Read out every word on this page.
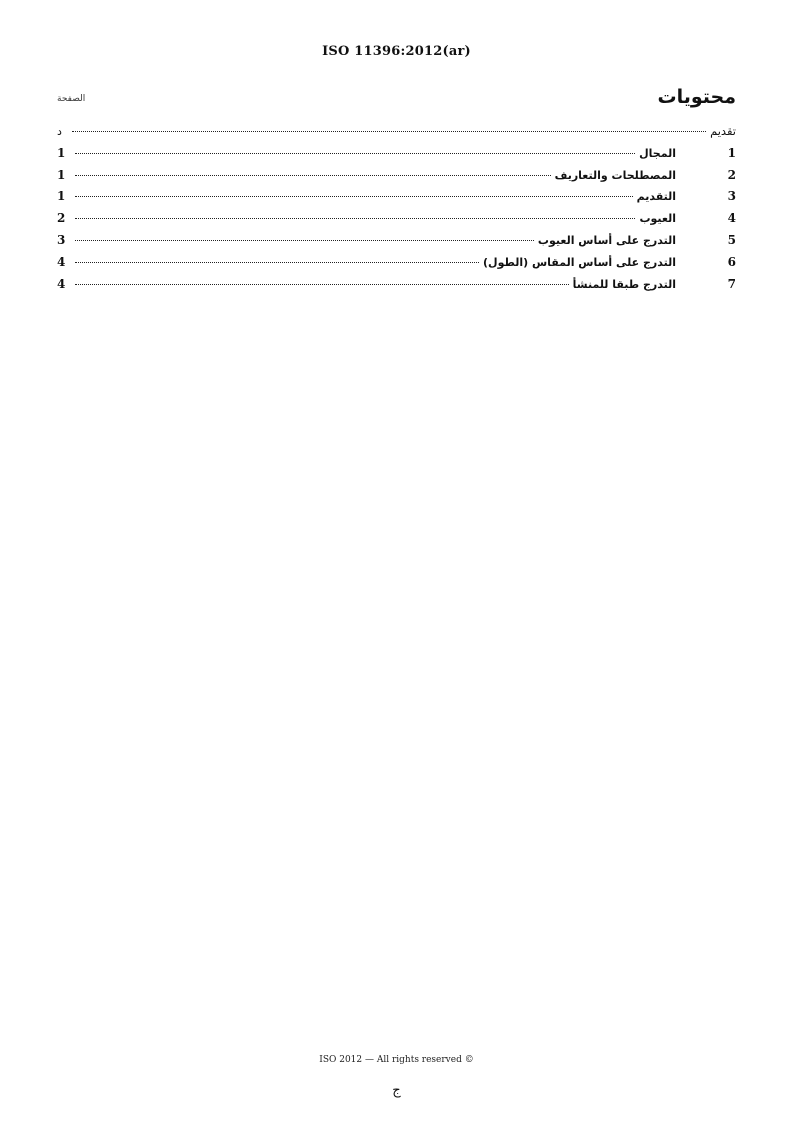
ISO 11396:2012(ar)
محتويات
الصفحة
تقديم
د
1
المجال
1
2
المصطلحات والتعاريف
1
3
التقديم
1
4
العيوب
2
5
التدرج على أساس العيوب
3
6
التدرج على أساس المقاس (الطول)
4
7
التدرج طبقا للمنشأ
4
ISO 2012 — All rights reserved ©
ج
